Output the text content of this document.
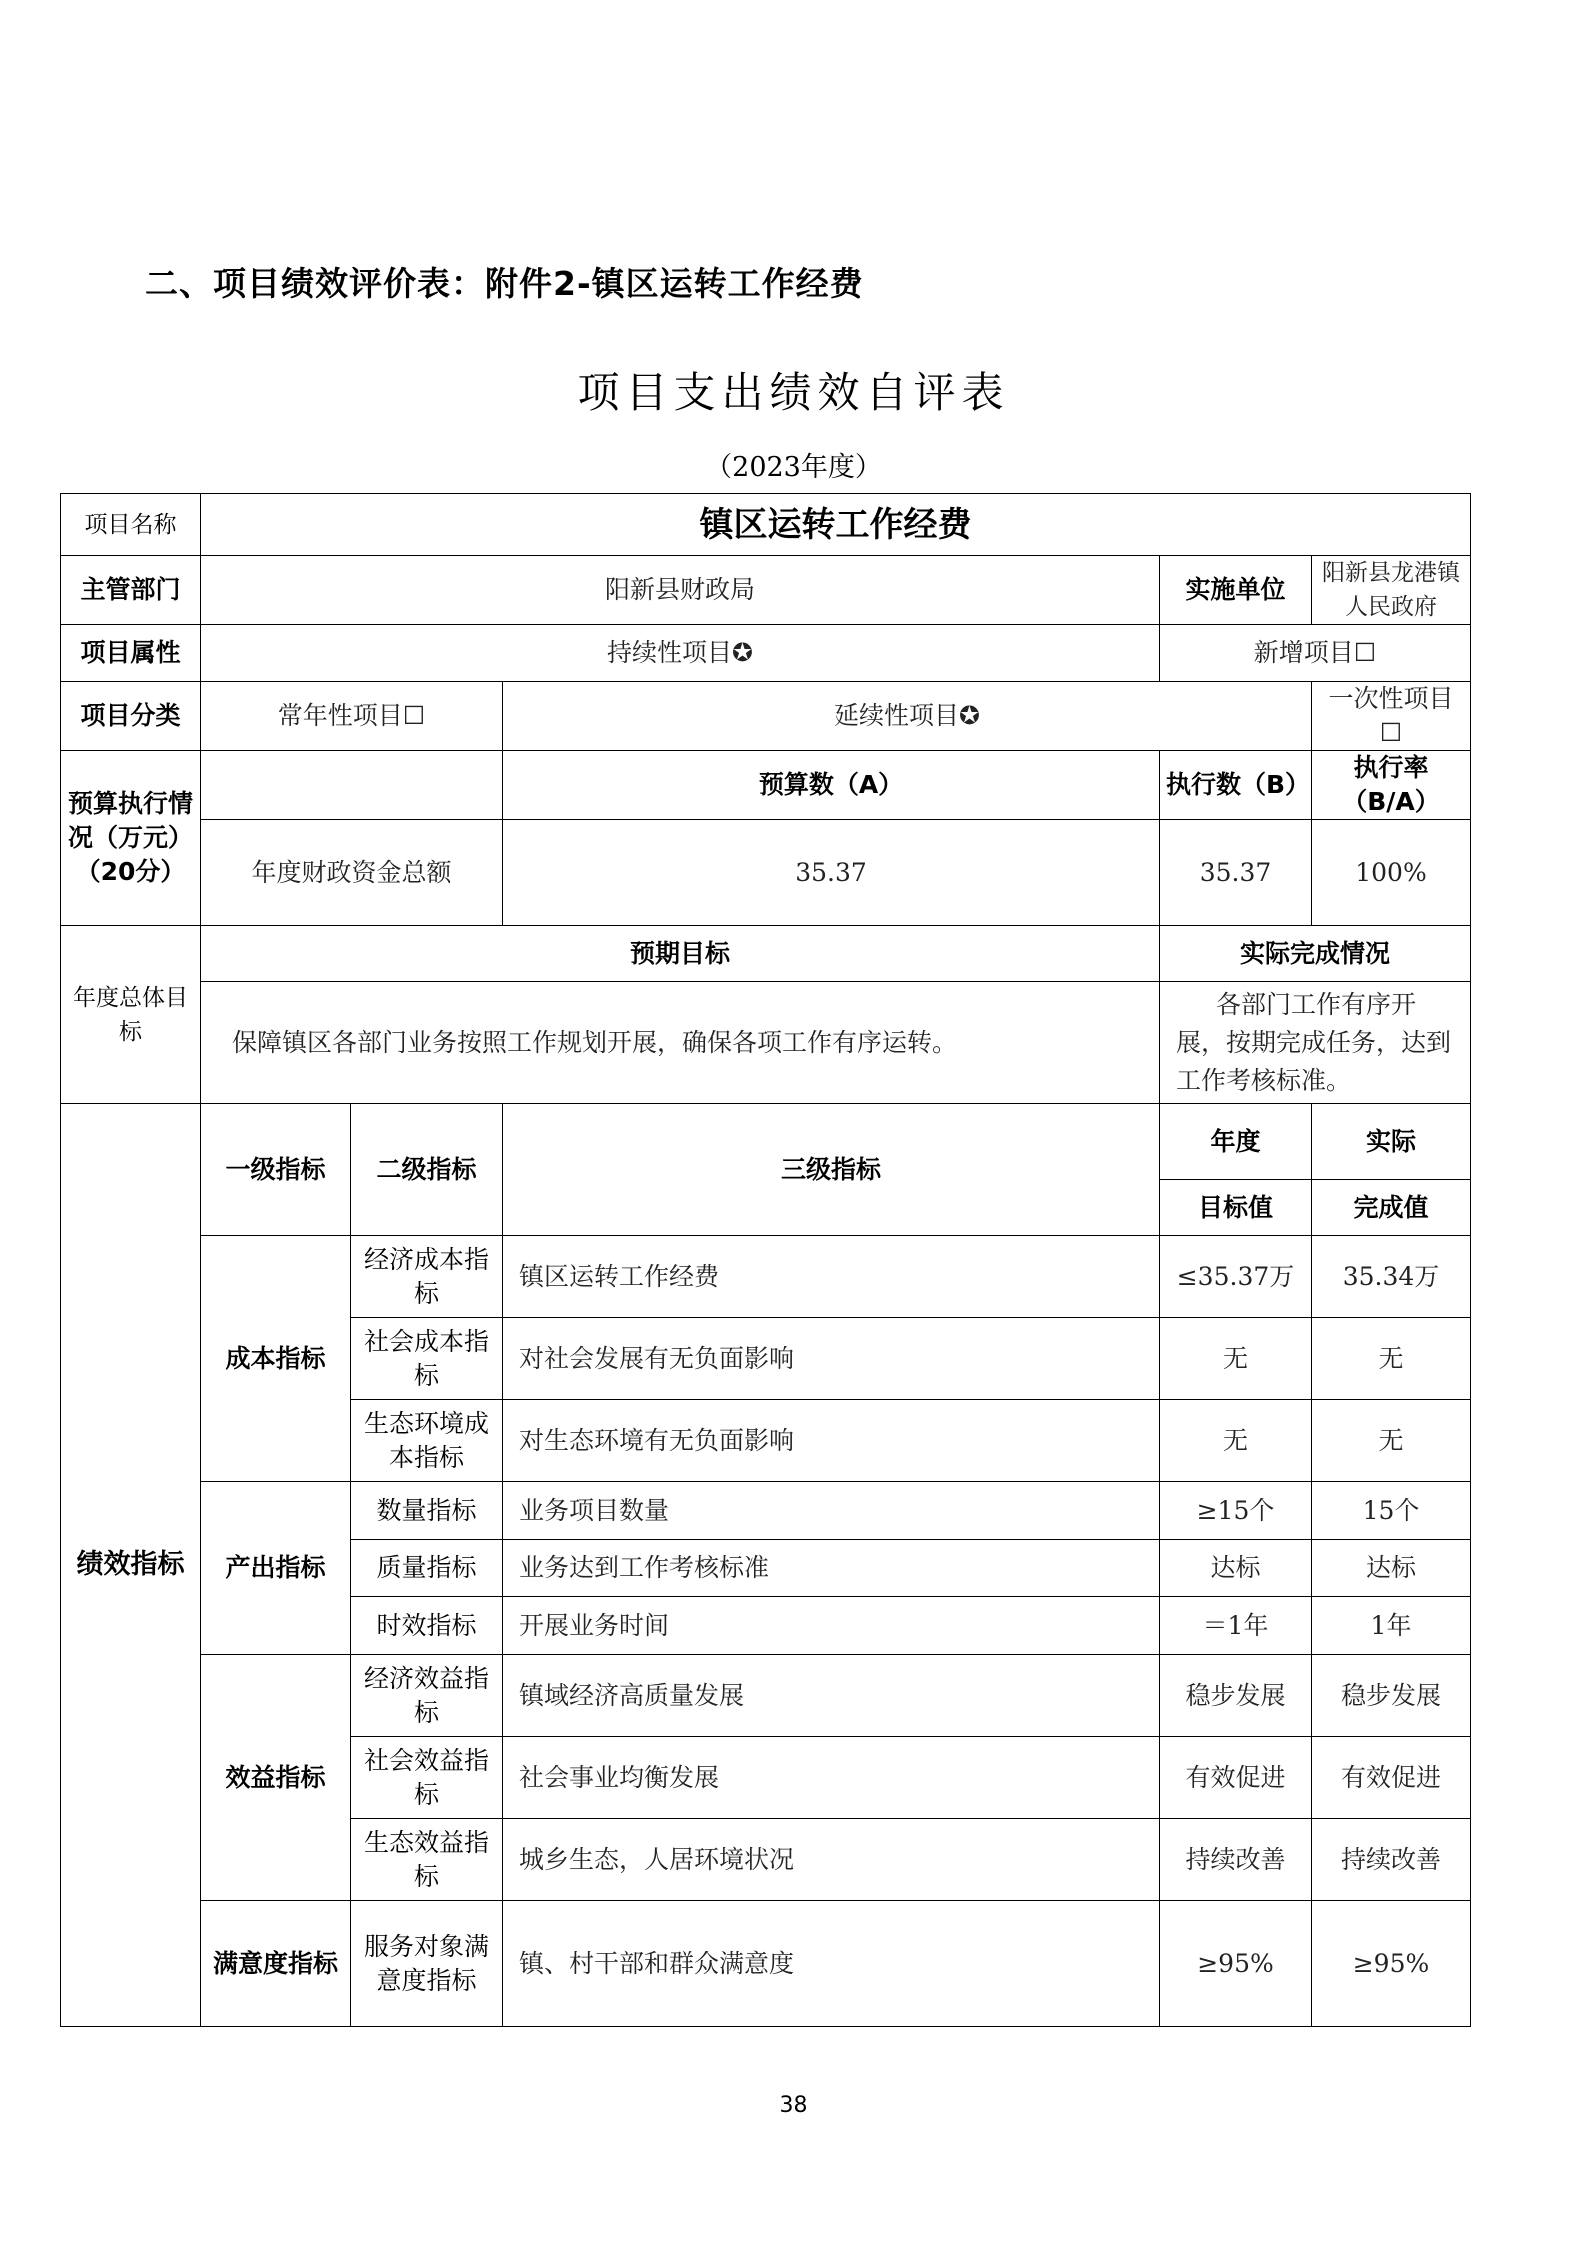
二、项目绩效评价表：附件2-镇区运转工作经费
项目支出绩效自评表
（2023年度）
项目名称	镇区运转工作经费				
主管部门	阳新县财政局			实施单位	阳新县龙港镇人民政府
项目属性	持续性项目✪			新增项目☐	
项目分类	常年性项目☐		延续性项目✪		一次性项目☐
预算执行情况（万元）（20分）			预算数（A）	执行数（B）	执行率（B/A）
	年度财政资金总额		35.37	35.37	100%
年度总体目标	预期目标			实际完成情况	
	保障镇区各部门业务按照工作规划开展，确保各项工作有序运转。			各部门工作有序开展，按期完成任务，达到工作考核标准。	
绩效指标	一级指标	二级指标	三级指标	年度	实际
				目标值	完成值
	成本指标	经济成本指标	镇区运转工作经费	≤35.37万	35.34万
		社会成本指标	对社会发展有无负面影响	无	无
		生态环境成本指标	对生态环境有无负面影响	无	无
	产出指标	数量指标	业务项目数量	≥15个	15个
		质量指标	业务达到工作考核标准	达标	达标
		时效指标	开展业务时间	＝1年	1年
	效益指标	经济效益指标	镇域经济高质量发展	稳步发展	稳步发展
		社会效益指标	社会事业均衡发展	有效促进	有效促进
		生态效益指标	城乡生态，人居环境状况	持续改善	持续改善
	满意度指标	服务对象满意度指标	镇、村干部和群众满意度	≥95%	≥95%
38
